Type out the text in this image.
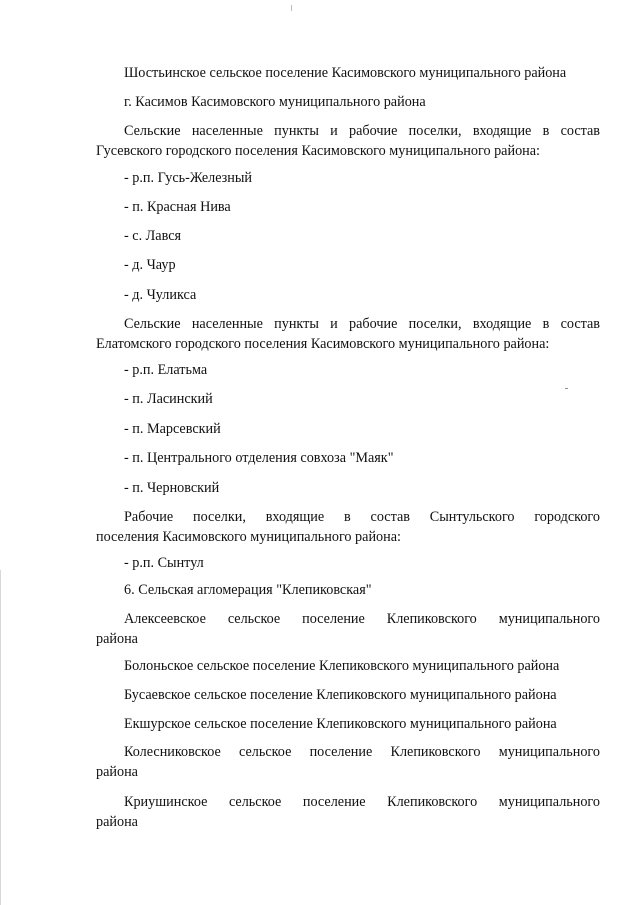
Шостьинское сельское поселение Касимовского муниципального района

г. Касимов Касимовского муниципального района

Сельские населенные пункты и рабочие поселки, входящие в состав
Гусевского городского поселения Касимовского муниципального района:

- р.п. Гусь-Железный

- п. Красная Нива

- с. Лався

- д. Чаур

- д. Чуликса

Сельские населенные пункты и рабочие поселки, входящие в состав
Елатомского городского поселения Касимовского муниципального района:

- р.п. Елатьма

- п. Ласинский

- п. Марсевский

- п. Центрального отделения совхоза "Маяк"

- п. Черновский

Рабочие поселки, входящие в состав Сынтульского городского
поселения Касимовского муниципального района:

- р.п. Сынтул

6. Сельская агломерация "Клепиковская"

Алексеевское сельское поселение Клепиковского муниципального
района

Болоньское сельское поселение Клепиковского муниципального района

Бусаевское сельское поселение Клепиковского муниципального района

Екшурское сельское поселение Клепиковского муниципального района

Колесниковское сельское поселение Клепиковского муниципального
района

Криушинское сельское поселение Клепиковского муниципального
района
